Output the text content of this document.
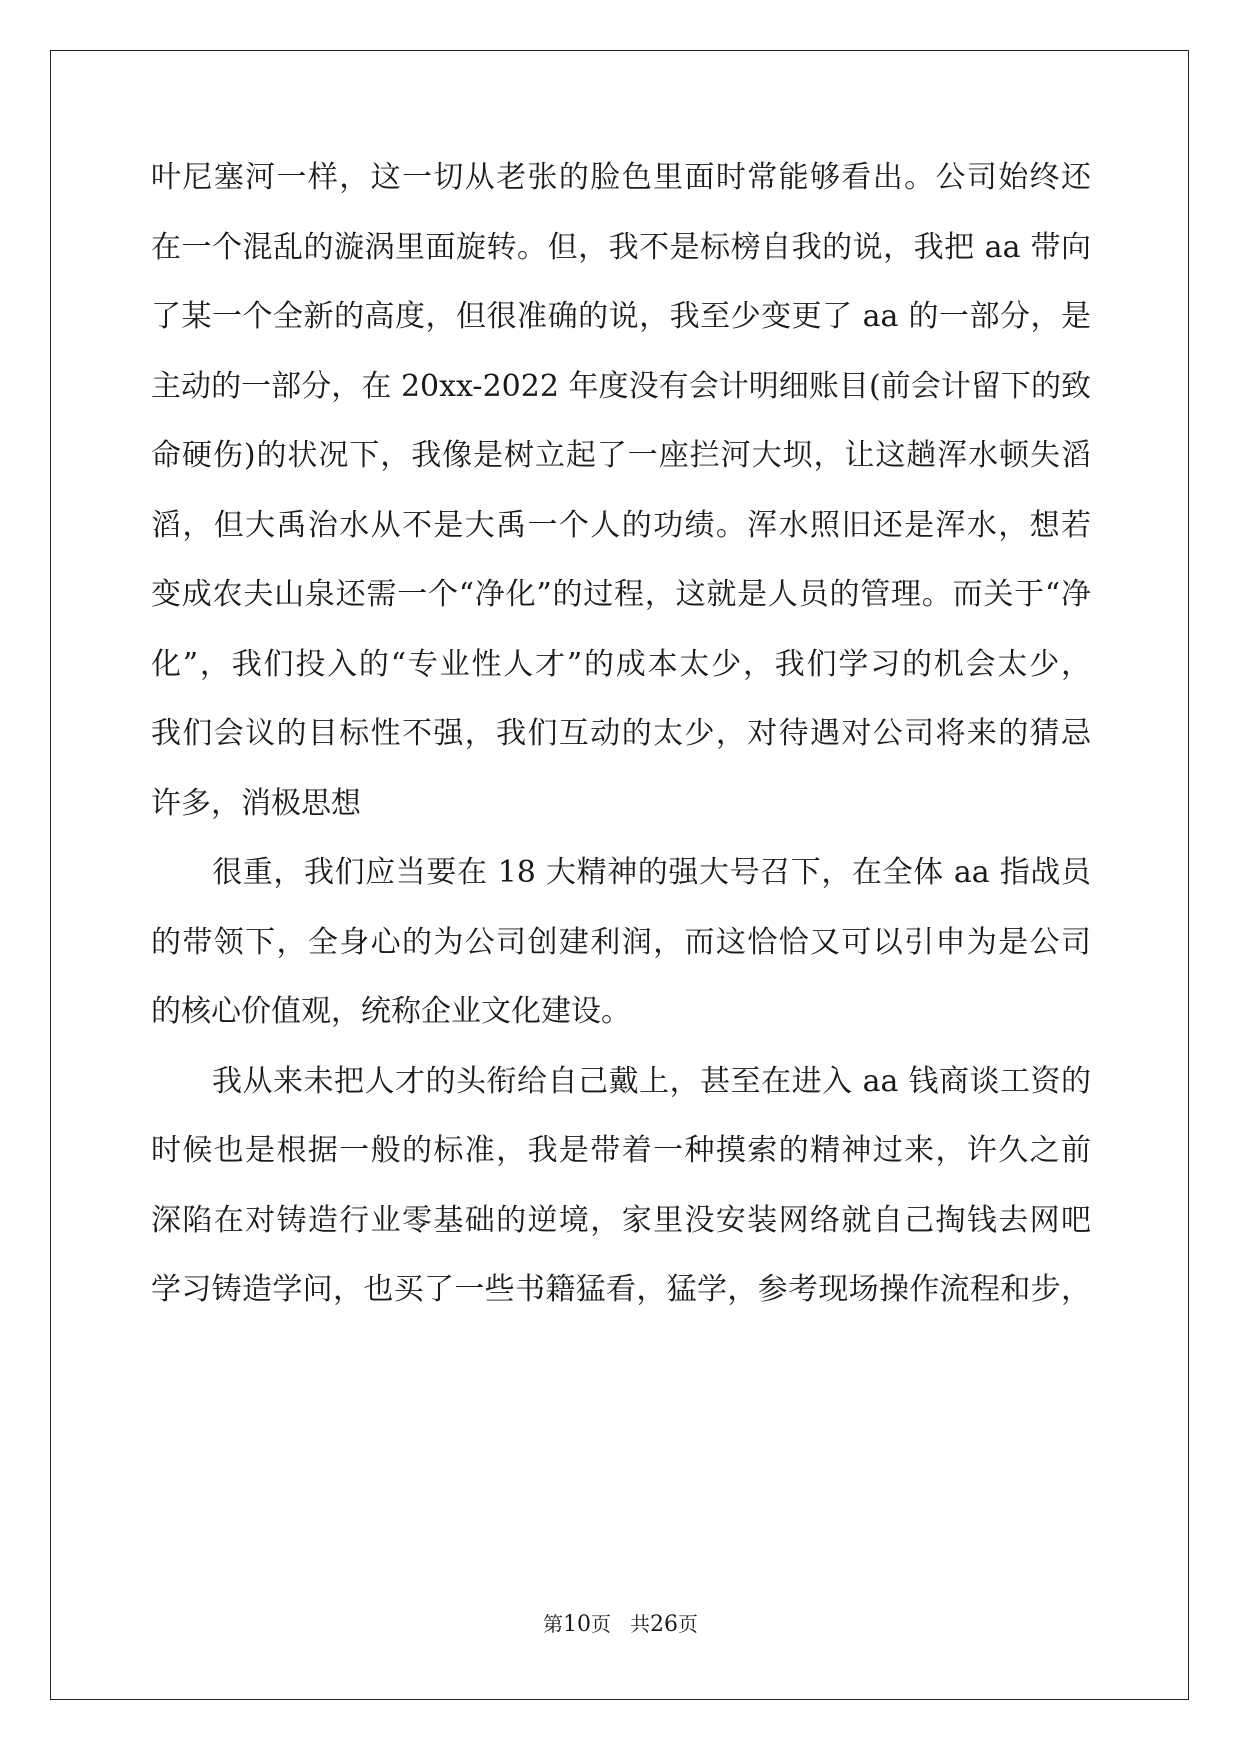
叶尼塞河一样，这一切从老张的脸色里面时常能够看出。公司始终还
在一个混乱的漩涡里面旋转。但，我不是标榜自我的说，我把 aa 带向
了某一个全新的高度，但很准确的说，我至少变更了 aa 的一部分，是
主动的一部分，在 20xx-2022 年度没有会计明细账目(前会计留下的致
命硬伤)的状况下，我像是树立起了一座拦河大坝，让这趟浑水顿失滔
滔，但大禹治水从不是大禹一个人的功绩。浑水照旧还是浑水，想若
变成农夫山泉还需一个“净化”的过程，这就是人员的管理。而关于“净
化”，我们投入的“专业性人才”的成本太少，我们学习的机会太少，
我们会议的目标性不强，我们互动的太少，对待遇对公司将来的猜忌
许多，消极思想
　　很重，我们应当要在 18 大精神的强大号召下，在全体 aa 指战员
的带领下，全身心的为公司创建利润，而这恰恰又可以引申为是公司
的核心价值观，统称企业文化建设。
　　我从来未把人才的头衔给自己戴上，甚至在进入 aa 钱商谈工资的
时候也是根据一般的标准，我是带着一种摸索的精神过来，许久之前
深陷在对铸造行业零基础的逆境，家里没安装网络就自己掏钱去网吧
学习铸造学问，也买了一些书籍猛看，猛学，参考现场操作流程和步，
第10页 共26页
